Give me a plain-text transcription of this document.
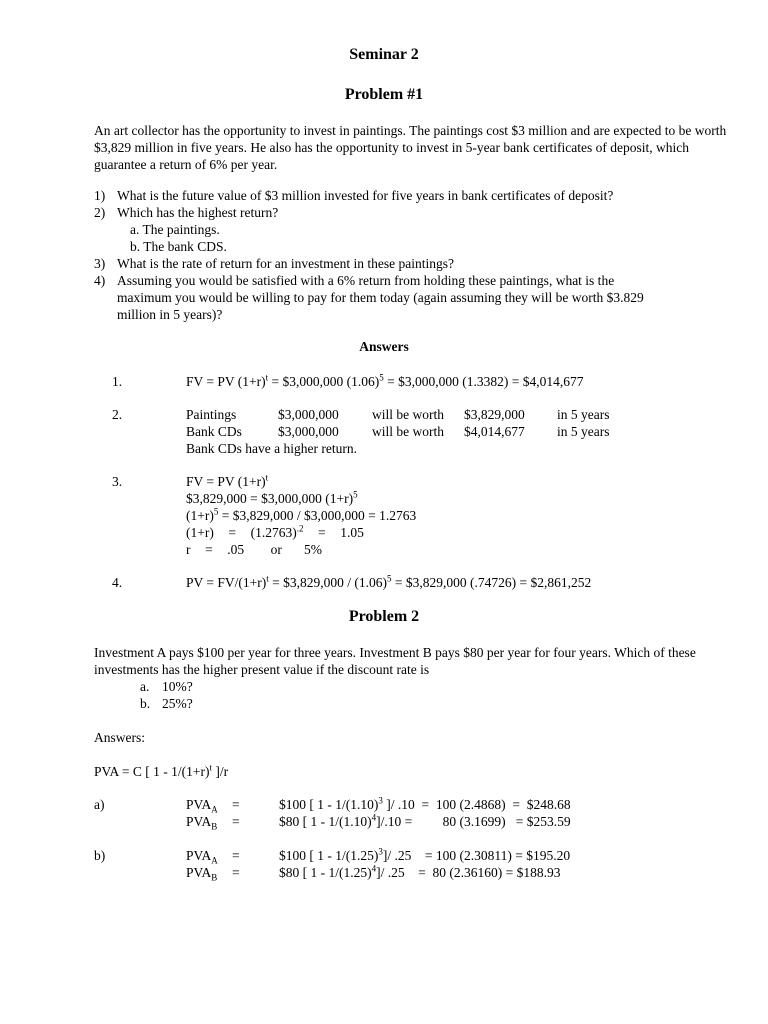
Seminar 2
Problem #1
An art collector has the opportunity to invest in paintings. The paintings cost $3 million and are expected to be worth $3,829 million in five years. He also has the opportunity to invest in 5-year bank certificates of deposit, which guarantee a return of 6% per year.
1) What is the future value of $3 million invested for five years in bank certificates of deposit?
2) Which has the highest return?
a. The paintings.
b. The bank CDS.
3) What is the rate of return for an investment in these paintings?
4) Assuming you would be satisfied with a 6% return from holding these paintings, what is the
maximum you would be willing to pay for them today (again assuming they will be worth $3.829
million in 5 years)?
Answers
1.	FV = PV $(1+r)^t$ = $3,000,000 $(1.06)^5$ = $3,000,000 (1.3382) = $4,014,677
2.	Paintings	$3,000,000 will be worth $3,829,000 in 5 years
Bank CDs	$3,000,000 will be worth $4,014,677 in 5 years
Bank CDs have a higher return.
3.	FV = PV $(1+r)^t$
$3,829,000 = $3,000,000 $(1+r)^5$
$(1+r)^5$ = $3,829,000 / $3,000,000 = 1.2763
$(1+r) = (1.2763)^{.2} = 1.05$
r = .05 or 5%
4.	PV = $FV/(1+r)^t$ = $3,829,000 / $(1.06)^5$ = $3,829,000 (.74726) = $2,861,252
Problem 2
Investment A pays $100 per year for three years. Investment B pays $80 per year for four years. Which of these investments has the higher present value if the discount rate is
a. 10%?
b. 25%?
Answers:
PVA = C [ $1 - 1/(1+r)^t$ ]/r
a)	$PVA_A$ =	$100 [ $1 - 1/(1.10)^3$ ]/ .10  =  100 (2.4868)  =  $248.68
$PVA_B$ =	$80 [ $1 - 1/(1.10)^4]/.10$ =         80 (3.1699)   = $253.59
b)	$PVA_A$ =	$100 [ $1 - 1/(1.25)^3]/$ .25    = 100 (2.30811) = $195.20
$PVA_B$ =	$80 [ $1 - 1/(1.25)^4]/$ .25    =  80 (2.36160) = $188.93
